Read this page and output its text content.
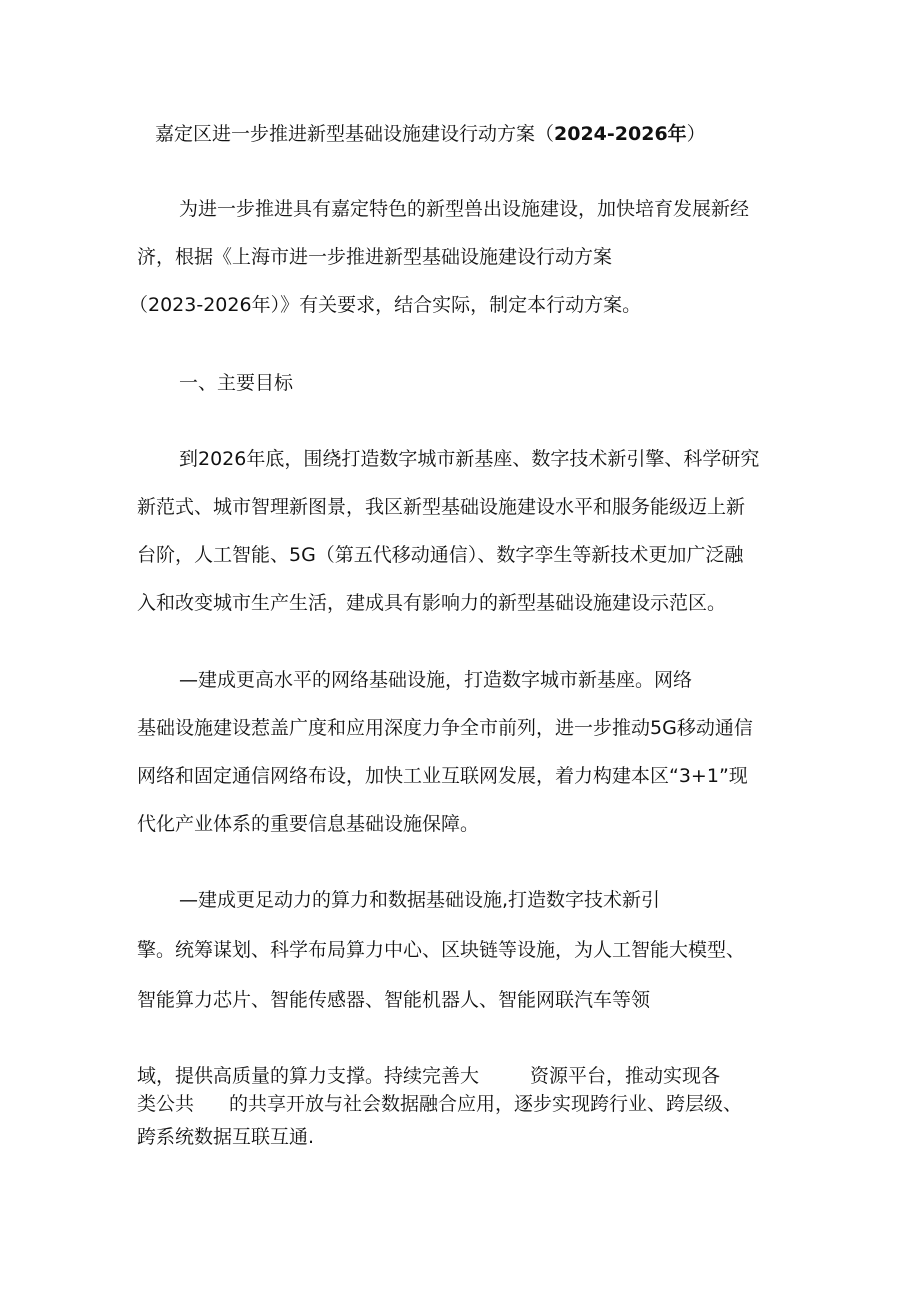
嘉定区进一步推进新型基础设施建设行动方案（2024-2026年）
为进一步推进具有嘉定特色的新型兽出设施建设，加快培育发展新经
济，根据《上海市进一步推进新型基础设施建设行动方案
（2023-2026年）》有关要求，结合实际，制定本行动方案。
一、主要目标
到2026年底，围绕打造数字城市新基座、数字技术新引擎、科学研究
新范式、城市智理新图景，我区新型基础设施建设水平和服务能级迈上新
台阶，人工智能、5G（第五代移动通信）、数字孪生等新技术更加广泛融
入和改变城市生产生活，建成具有影响力的新型基础设施建设示范区。
—建成更高水平的网络基础设施，打造数字城市新基座。网络
基础设施建设惹盖广度和应用深度力争全市前列，进一步推动5G移动通信
网络和固定通信网络布设，加快工业互联网发展，着力构建本区“3+1”现
代化产业体系的重要信息基础设施保障。
—建成更足动力的算力和数据基础设施,打造数字技术新引
擎。统筹谋划、科学布局算力中心、区块链等设施，为人工智能大模型、
智能算力芯片、智能传感器、智能机器人、智能网联汽车等领
域，提供高质量的算力支撑。持续完善大	资源平台，推动实现各
类公共 的共享开放与社会数据融合应用，逐步实现跨行业、跨层级、
跨系统数据互联互通.
